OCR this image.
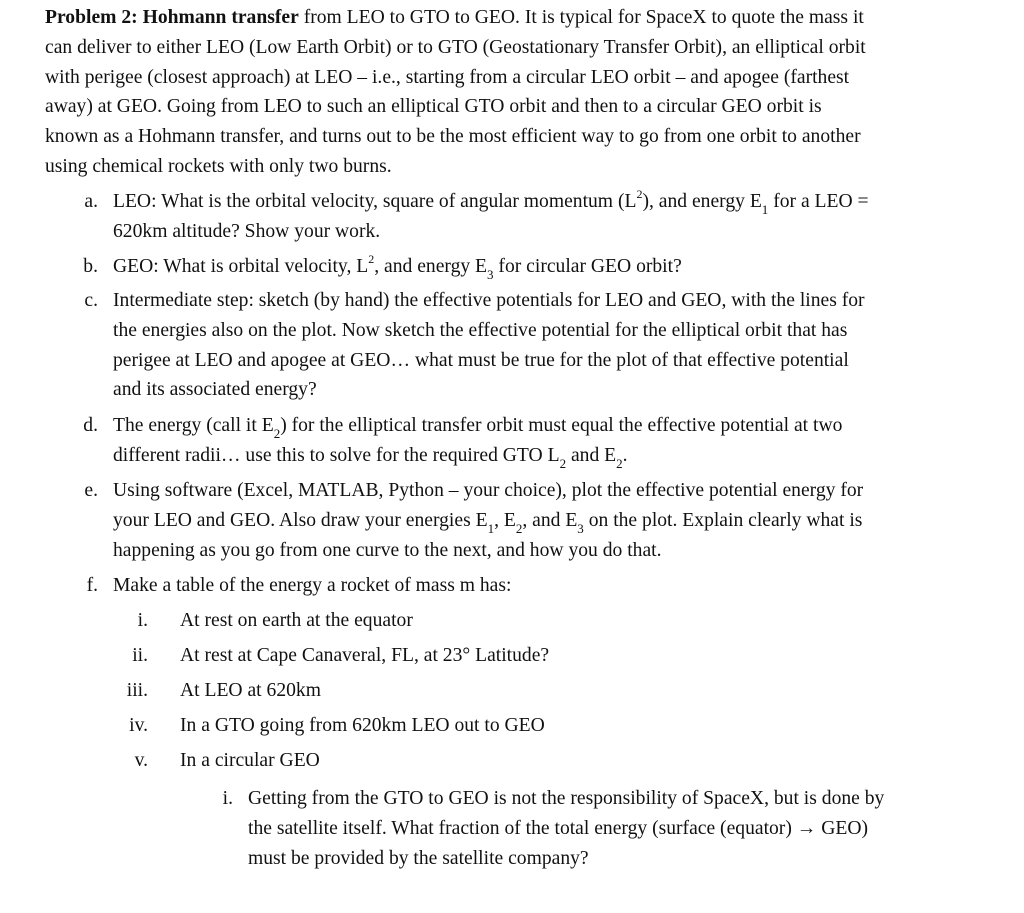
Problem 2: Hohmann transfer from LEO to GTO to GEO. It is typical for SpaceX to quote the mass it
can deliver to either LEO (Low Earth Orbit) or to GTO (Geostationary Transfer Orbit), an elliptical orbit
with perigee (closest approach) at LEO – i.e., starting from a circular LEO orbit – and apogee (farthest
away) at GEO. Going from LEO to such an elliptical GTO orbit and then to a circular GEO orbit is
known as a Hohmann transfer, and turns out to be the most efficient way to go from one orbit to another
using chemical rockets with only two burns.
a. LEO: What is the orbital velocity, square of angular momentum $(L^2)$, and energy $E_1$ for a LEO =
620km altitude? Show your work.
b. GEO: What is orbital velocity, $L^2$, and energy $E_3$ for circular GEO orbit?
c. Intermediate step: sketch (by hand) the effective potentials for LEO and GEO, with the lines for
the energies also on the plot. Now sketch the effective potential for the elliptical orbit that has
perigee at LEO and apogee at GEO… what must be true for the plot of that effective potential
and its associated energy?
d. The energy (call it $E_2$) for the elliptical transfer orbit must equal the effective potential at two
different radii… use this to solve for the required GTO $L_2$ and $E_2$.
e. Using software (Excel, MATLAB, Python – your choice), plot the effective potential energy for
your LEO and GEO. Also draw your energies $E_1$, $E_2$, and $E_3$ on the plot. Explain clearly what is
happening as you go from one curve to the next, and how you do that.
f. Make a table of the energy a rocket of mass m has:
i. At rest on earth at the equator
ii. At rest at Cape Canaveral, FL, at 23° Latitude?
iii. At LEO at 620km
iv. In a GTO going from 620km LEO out to GEO
v. In a circular GEO
i. Getting from the GTO to GEO is not the responsibility of SpaceX, but is done by
the satellite itself. What fraction of the total energy (surface (equator) → GEO)
must be provided by the satellite company?
